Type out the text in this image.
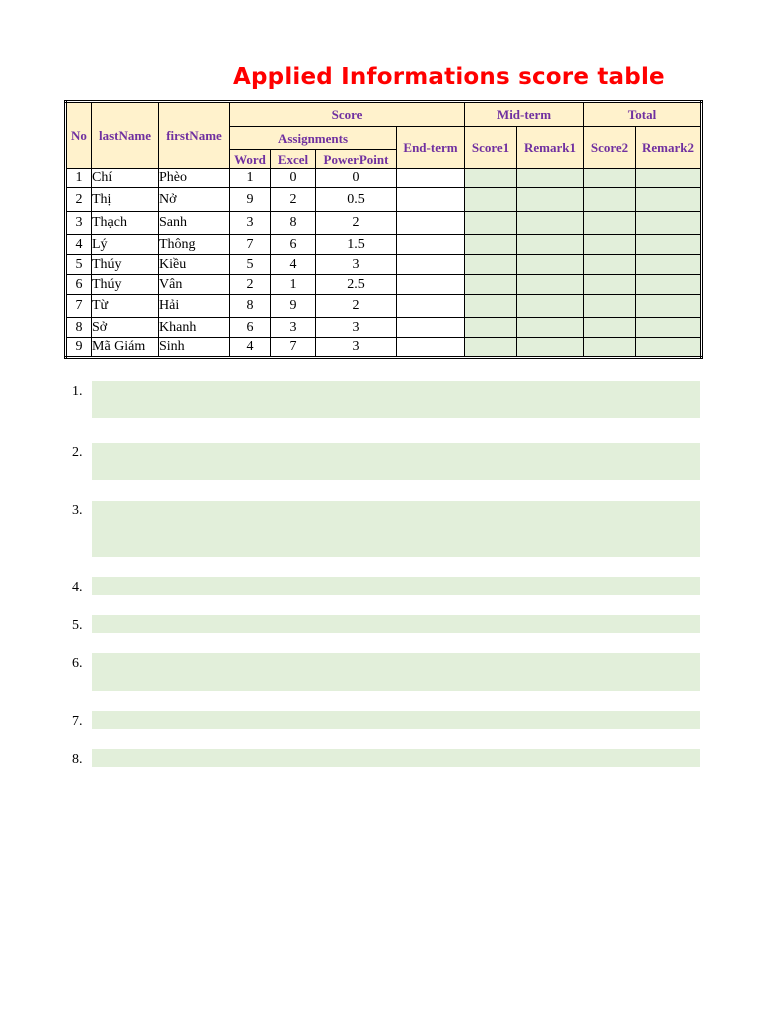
Applied Informations score table
No	lastName	firstName	Score				Mid-term		Total	
			Assignments			End-term	Score1	Remark1	Score2	Remark2
			Word	Excel	PowerPoint					
1	Chí	Phèo	1	0	0					
2	Thị	Nở	9	2	0.5					
3	Thạch	Sanh	3	8	2					
4	Lý	Thông	7	6	1.5					
5	Thúy	Kiều	5	4	3					
6	Thúy	Vân	2	1	2.5					
7	Từ	Hải	8	9	2					
8	Sở	Khanh	6	3	3					
9	Mã Giám	Sinh	4	7	3					
1.
2.
3.
4.
5.
6.
7.
8.
